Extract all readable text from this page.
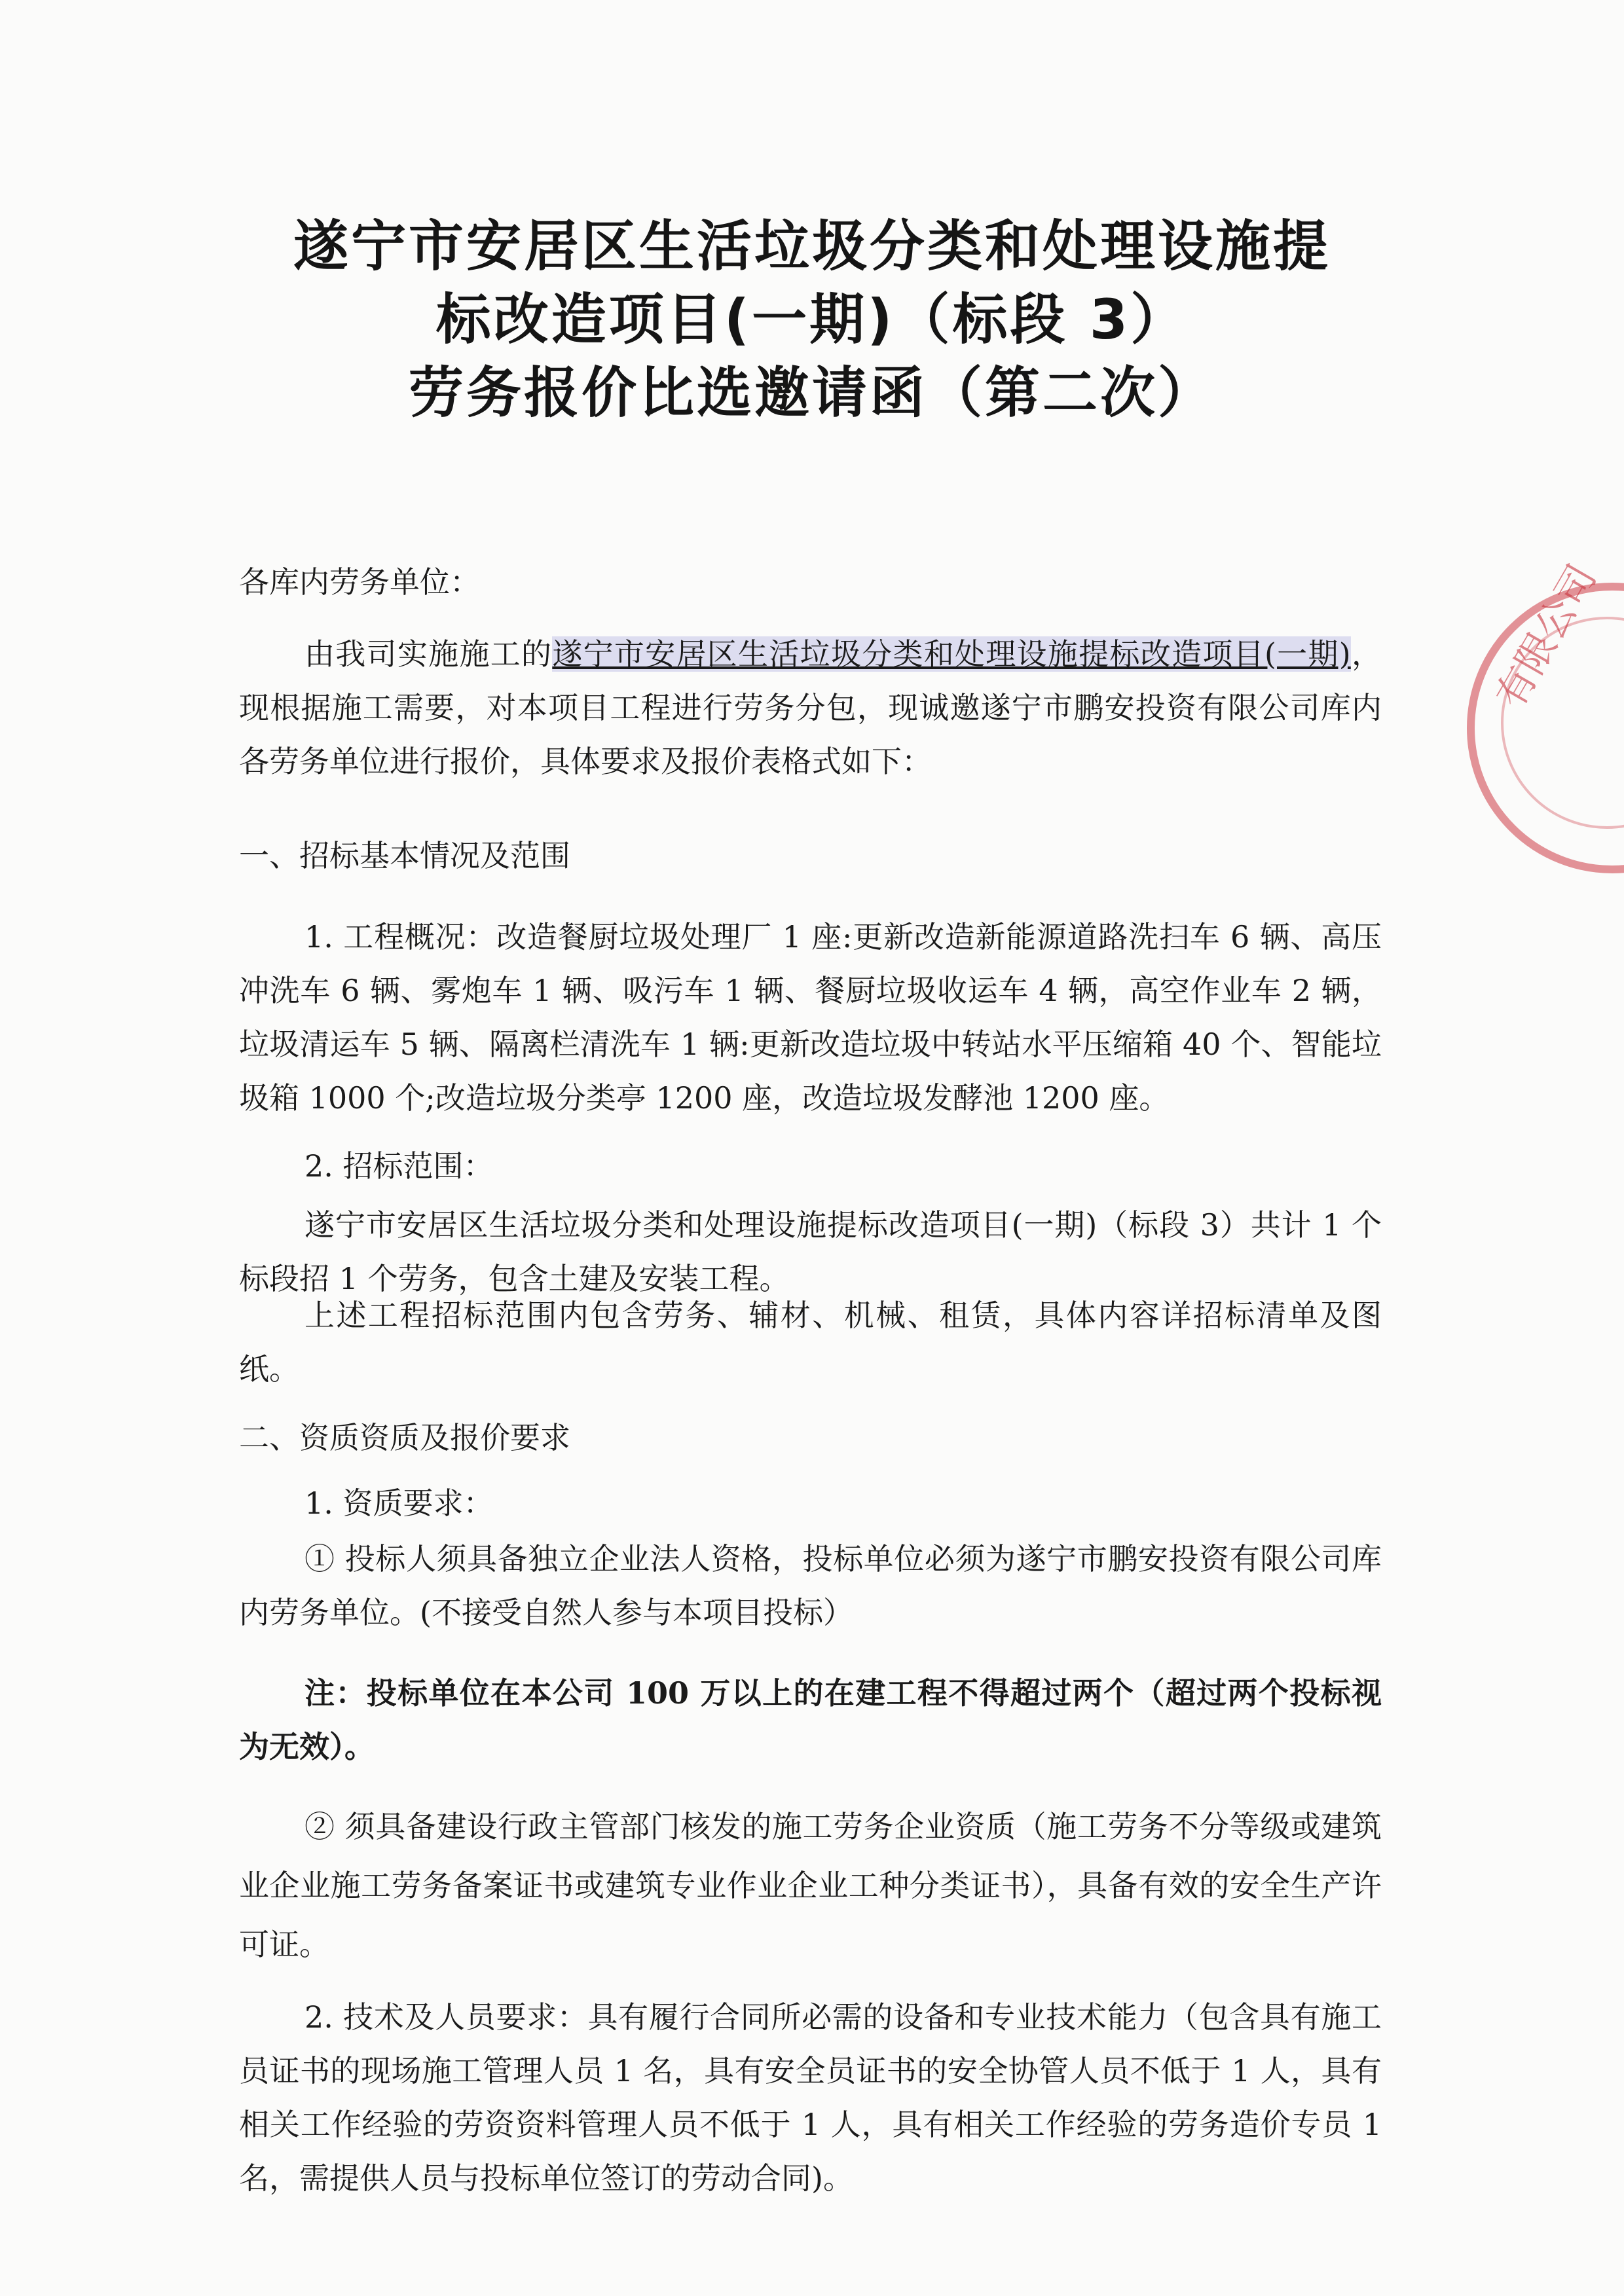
遂宁市安居区生活垃圾分类和处理设施提
标改造项目(一期)（标段 3）
劳务报价比选邀请函（第二次）
各库内劳务单位：
由我司实施施工的遂宁市安居区生活垃圾分类和处理设施提标改造项目(一期)，现根据施工需要，对本项目工程进行劳务分包，现诚邀遂宁市鹏安投资有限公司库内各劳务单位进行报价，具体要求及报价表格式如下：
一、招标基本情况及范围
1. 工程概况：改造餐厨垃圾处理厂 1 座:更新改造新能源道路洗扫车 6 辆、高压冲洗车 6 辆、雾炮车 1 辆、吸污车 1 辆、餐厨垃圾收运车 4 辆，高空作业车 2 辆，垃圾清运车 5 辆、隔离栏清洗车 1 辆:更新改造垃圾中转站水平压缩箱 40 个、智能垃圾箱 1000 个;改造垃圾分类亭 1200 座，改造垃圾发酵池 1200 座。
2. 招标范围：
遂宁市安居区生活垃圾分类和处理设施提标改造项目(一期)（标段 3）共计 1 个标段招 1 个劳务，包含土建及安装工程。
上述工程招标范围内包含劳务、辅材、机械、租赁，具体内容详招标清单及图纸。
二、资质资质及报价要求
1. 资质要求：
① 投标人须具备独立企业法人资格，投标单位必须为遂宁市鹏安投资有限公司库内劳务单位。(不接受自然人参与本项目投标）
注：投标单位在本公司 100 万以上的在建工程不得超过两个（超过两个投标视为无效）。
② 须具备建设行政主管部门核发的施工劳务企业资质（施工劳务不分等级或建筑业企业施工劳务备案证书或建筑专业作业企业工种分类证书），具备有效的安全生产许可证。
2. 技术及人员要求：具有履行合同所必需的设备和专业技术能力（包含具有施工员证书的现场施工管理人员 1 名，具有安全员证书的安全协管人员不低于 1 人，具有相关工作经验的劳资资料管理人员不低于 1 人，具有相关工作经验的劳务造价专员 1 名，需提供人员与投标单位签订的劳动合同)。
有限公司
